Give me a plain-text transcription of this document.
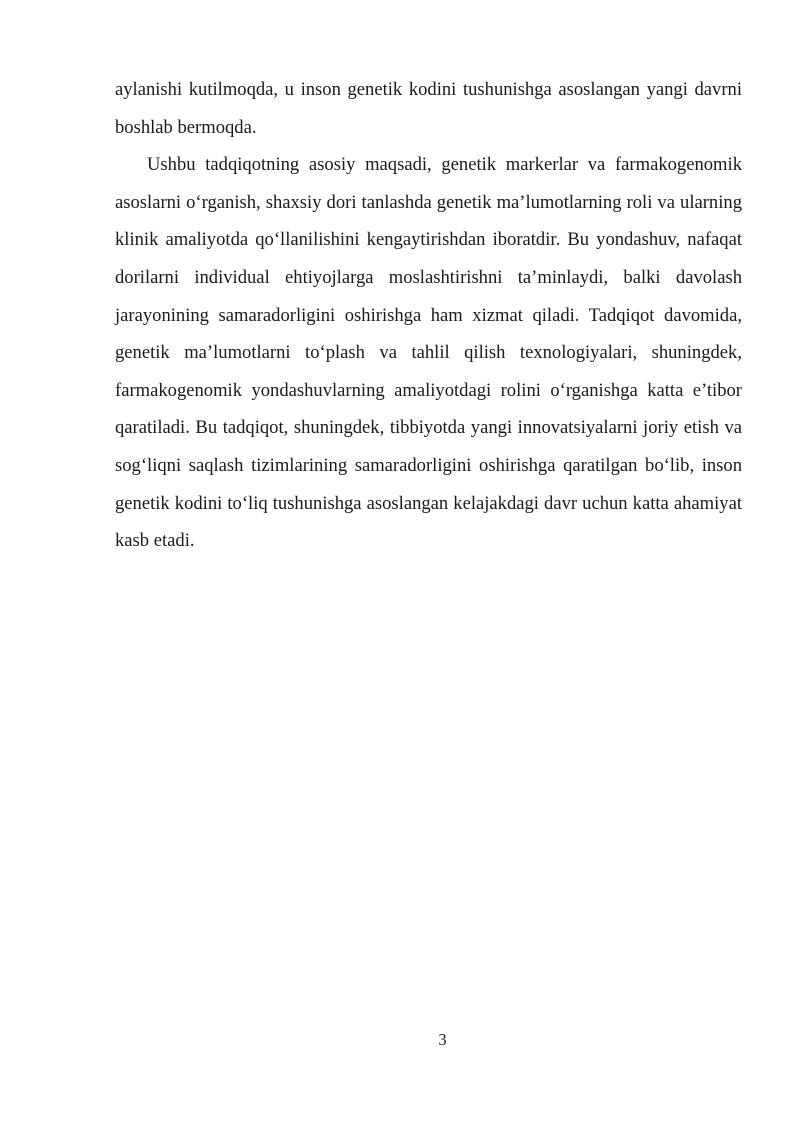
aylanishi kutilmoqda, u inson genetik kodini tushunishga asoslangan yangi davrni boshlab bermoqda.

Ushbu tadqiqotning asosiy maqsadi, genetik markerlar va farmakogenomik asoslarni o‘rganish, shaxsiy dori tanlashda genetik ma’lumotlarning roli va ularning klinik amaliyotda qo‘llanilishini kengaytirishdan iboratdir. Bu yondashuv, nafaqat dorilarni individual ehtiyojlarga moslashtirishni ta’minlaydi, balki davolash jarayonining samaradorligini oshirishga ham xizmat qiladi. Tadqiqot davomida, genetik ma’lumotlarni to‘plash va tahlil qilish texnologiyalari, shuningdek, farmakogenomik yondashuvlarning amaliyotdagi rolini o‘rganishga katta e’tibor qaratiladi. Bu tadqiqot, shuningdek, tibbiyotda yangi innovatsiyalarni joriy etish va sog‘liqni saqlash tizimlarining samaradorligini oshirishga qaratilgan bo‘lib, inson genetik kodini to‘liq tushunishga asoslangan kelajakdagi davr uchun katta ahamiyat kasb etadi.

3
